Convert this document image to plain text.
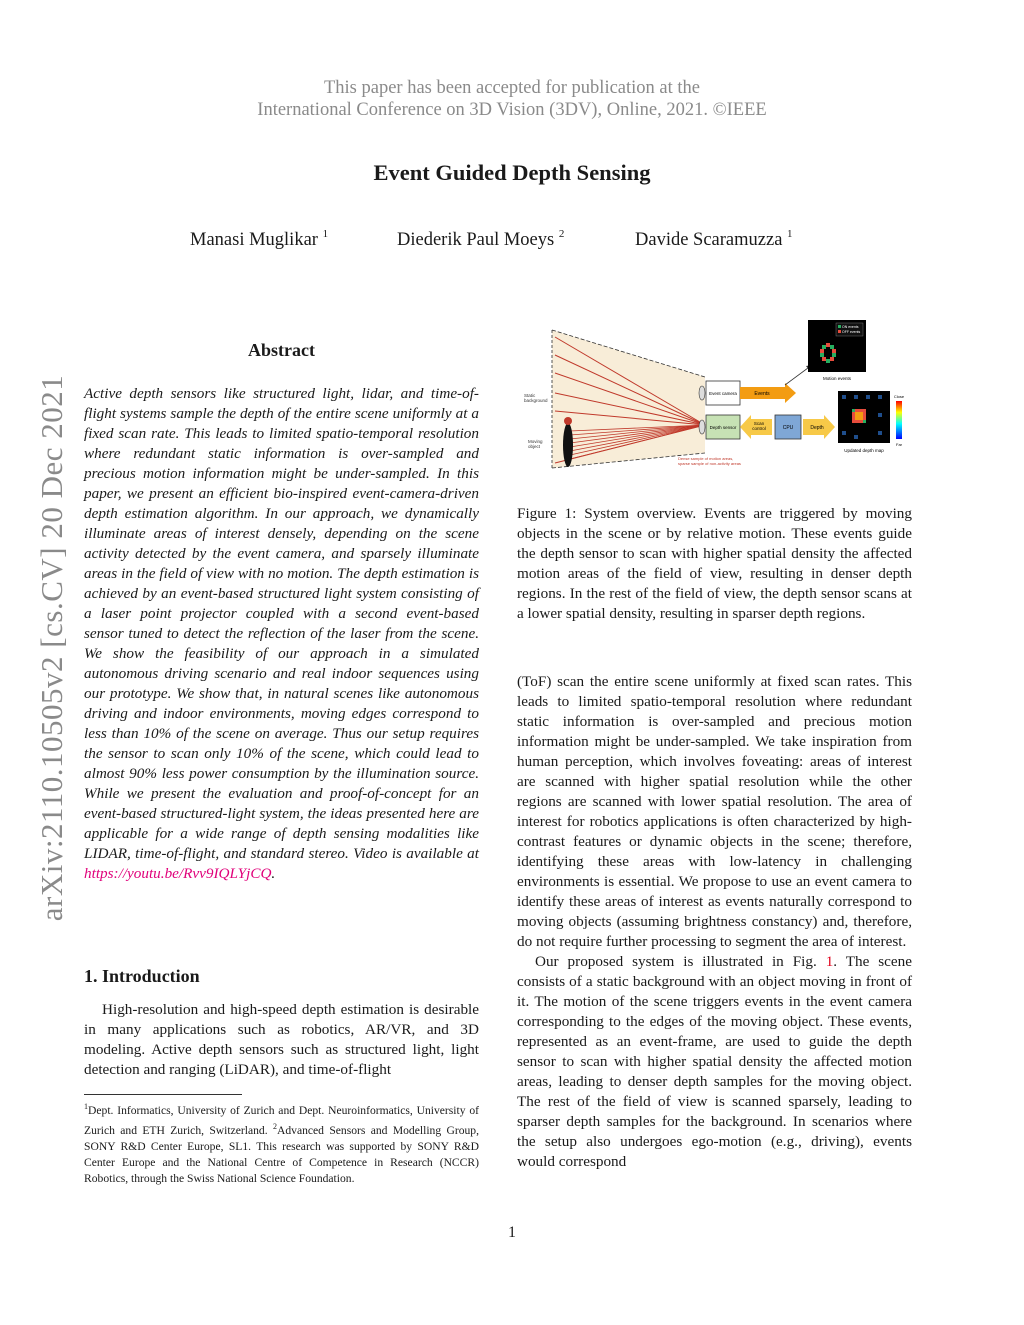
This paper has been accepted for publication at the
International Conference on 3D Vision (3DV), Online, 2021. ©IEEE
Event Guided Depth Sensing
Manasi Muglikar $^1$	Diederik Paul Moeys $^2$	Davide Scaramuzza $^1$
arXiv:2110.10505v2 [cs.CV] 20 Dec 2021
Abstract
Active depth sensors like structured light, lidar, and time-of-flight systems sample the depth of the entire scene uniformly at a fixed scan rate. This leads to limited spatio-temporal resolution where redundant static information is over-sampled and precious motion information might be under-sampled. In this paper, we present an efficient bio-inspired event-camera-driven depth estimation algorithm. In our approach, we dynamically illuminate areas of interest densely, depending on the scene activity detected by the event camera, and sparsely illuminate areas in the field of view with no motion. The depth estimation is achieved by an event-based structured light system consisting of a laser point projector coupled with a second event-based sensor tuned to detect the reflection of the laser from the scene. We show the feasibility of our approach in a simulated autonomous driving scenario and real indoor sequences using our prototype. We show that, in natural scenes like autonomous driving and indoor environments, moving edges correspond to less than 10% of the scene on average. Thus our setup requires the sensor to scan only 10% of the scene, which could lead to almost 90% less power consumption by the illumination source. While we present the evaluation and proof-of-concept for an event-based structured-light system, the ideas presented here are applicable for a wide range of depth sensing modalities like LIDAR, time-of-flight, and standard stereo. Video is available at https://youtu.be/Rvv9IQLYjCQ.
1. Introduction
High-resolution and high-speed depth estimation is desirable in many applications such as robotics, AR/VR, and 3D modeling. Active depth sensors such as structured light, light detection and ranging (LiDAR), and time-of-flight
$^1$Dept. Informatics, University of Zurich and Dept. Neuroinformatics, University of Zurich and ETH Zurich, Switzerland. $^2$Advanced Sensors and Modelling Group, SONY R&D Center Europe, SL1. This research was supported by SONY R&D Center Europe and the National Centre of Competence in Research (NCCR) Robotics, through the Swiss National Science Foundation.
Static background
Moving object
Event camera
Depth sensor
Events
Scan control	CPU	Depth
ON events
OFF events
Motion events
Updated depth map
Close
Far
Dense sample of motion areas, sparse sample of non-activity areas
Figure 1: System overview. Events are triggered by moving objects in the scene or by relative motion. These events guide the depth sensor to scan with higher spatial density the affected motion areas of the field of view, resulting in denser depth regions. In the rest of the field of view, the depth sensor scans at a lower spatial density, resulting in sparser depth regions.

(ToF) scan the entire scene uniformly at fixed scan rates. This leads to limited spatio-temporal resolution where redundant static information is over-sampled and precious motion information might be under-sampled. We take inspiration from human perception, which involves foveating: areas of interest are scanned with higher spatial resolution while the other regions are scanned with lower spatial resolution. The area of interest for robotics applications is often characterized by high-contrast features or dynamic objects in the scene; therefore, identifying these areas with low-latency in challenging environments is essential. We propose to use an event camera to identify these areas of interest as events naturally correspond to moving objects (assuming brightness constancy) and, therefore, do not require further processing to segment the area of interest.

Our proposed system is illustrated in Fig. 1. The scene consists of a static background with an object moving in front of it. The motion of the scene triggers events in the event camera corresponding to the edges of the moving object. These events, represented as an event-frame, are used to guide the depth sensor to scan with higher spatial density the affected motion areas, leading to denser depth samples for the moving object. The rest of the field of view is scanned sparsely, leading to sparser depth samples for the background. In scenarios where the setup also undergoes ego-motion (e.g., driving), events would correspond

1
